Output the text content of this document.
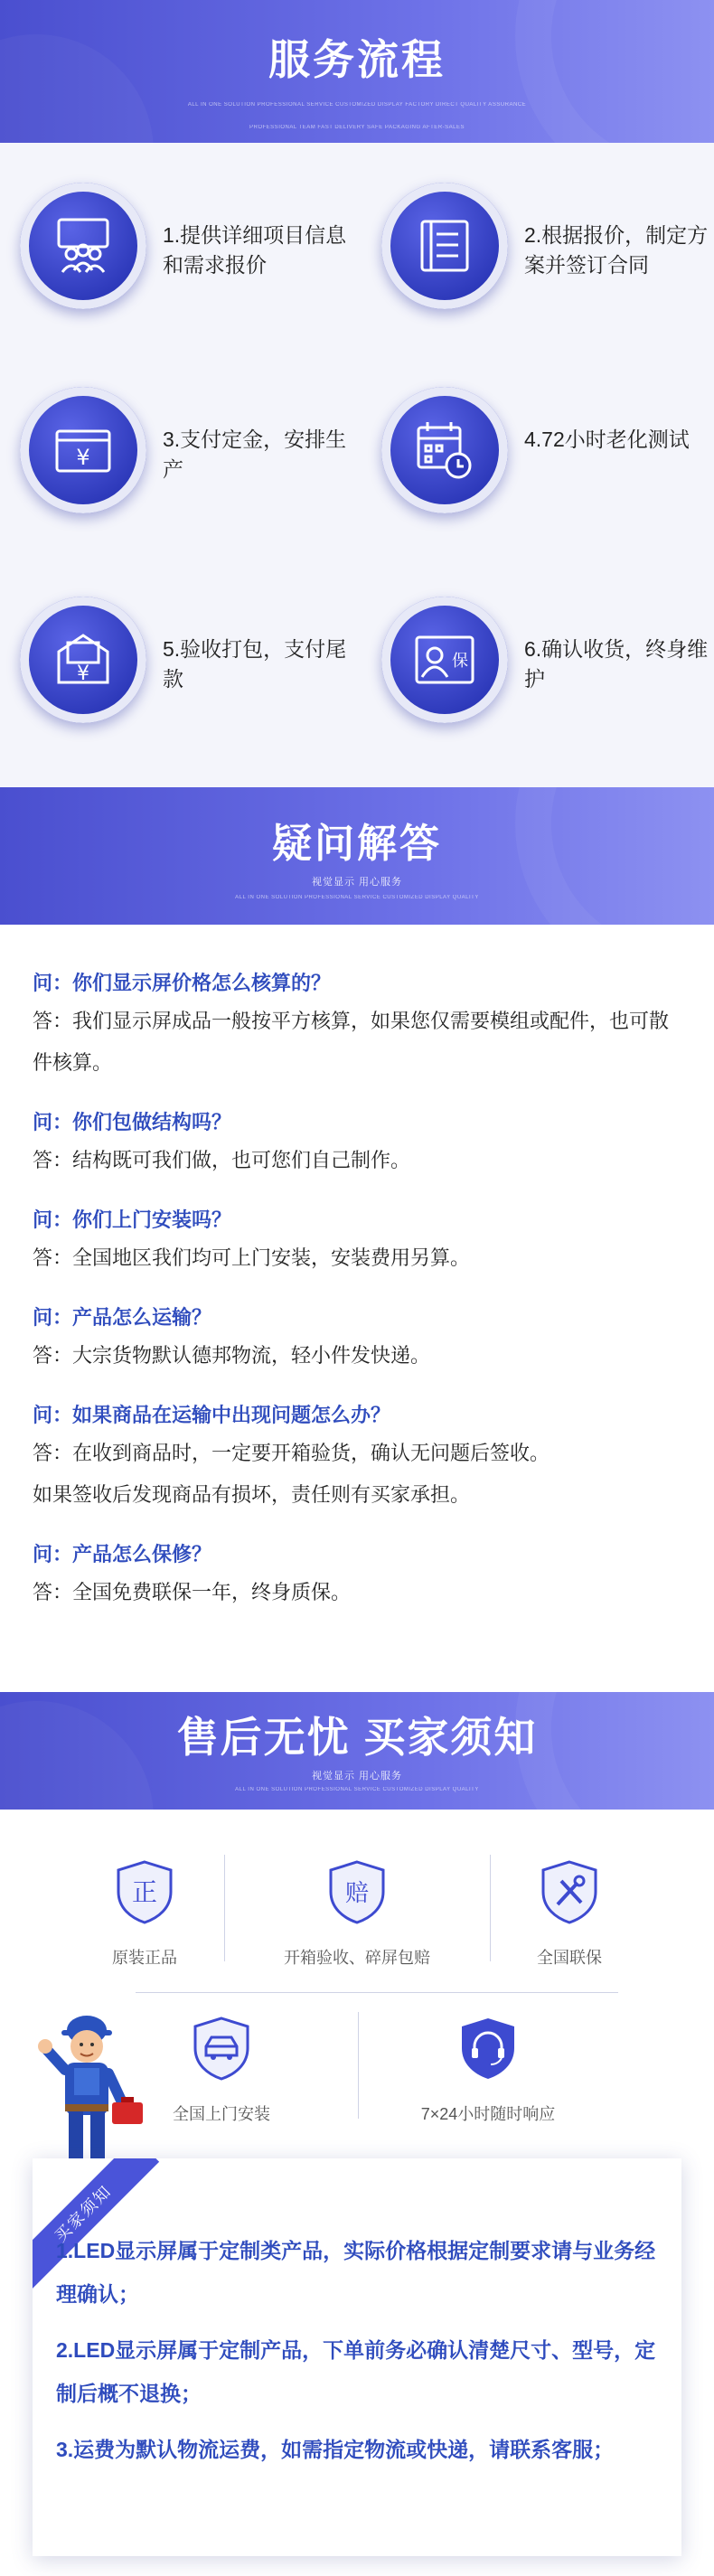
服务流程
ALL IN ONE SOLUTION PROFESSIONAL SERVICE CUSTOMIZED DISPLAY FACTORY DIRECT QUALITY ASSURANCE
PROFESSIONAL TEAM FAST DELIVERY SAFE PACKAGING AFTER-SALES
1.提供详细项目信息和需求报价
2.根据报价，制定方案并签订合同
¥
3.支付定金，安排生产
4.72小时老化测试
¥
5.验收打包，支付尾款
保
6.确认收货，终身维护
疑问解答
视觉显示 用心服务
ALL IN ONE SOLUTION PROFESSIONAL SERVICE CUSTOMIZED DISPLAY QUALITY
问：你们显示屏价格怎么核算的？
答：我们显示屏成品一般按平方核算，如果您仅需要模组或配件，也可散件核算。
问：你们包做结构吗？
答：结构既可我们做，也可您们自己制作。
问：你们上门安装吗？
答：全国地区我们均可上门安装，安装费用另算。
问：产品怎么运输？
答：大宗货物默认德邦物流，轻小件发快递。
问：如果商品在运输中出现问题怎么办？
答：在收到商品时，一定要开箱验货，确认无问题后签收。
如果签收后发现商品有损坏，责任则有买家承担。
问：产品怎么保修？
答：全国免费联保一年，终身质保。
售后无忧 买家须知
视觉显示 用心服务
ALL IN ONE SOLUTION PROFESSIONAL SERVICE CUSTOMIZED DISPLAY QUALITY
正
原装正品
赔
开箱验收、碎屏包赔	全国联保
全国上门安装	7×24小时随时响应
买家须知
1.LED显示屏属于定制类产品，实际价格根据定制要求请与业务经理确认；
2.LED显示屏属于定制产品，下单前务必确认清楚尺寸、型号，定制后概不退换；
3.运费为默认物流运费，如需指定物流或快递，请联系客服；
